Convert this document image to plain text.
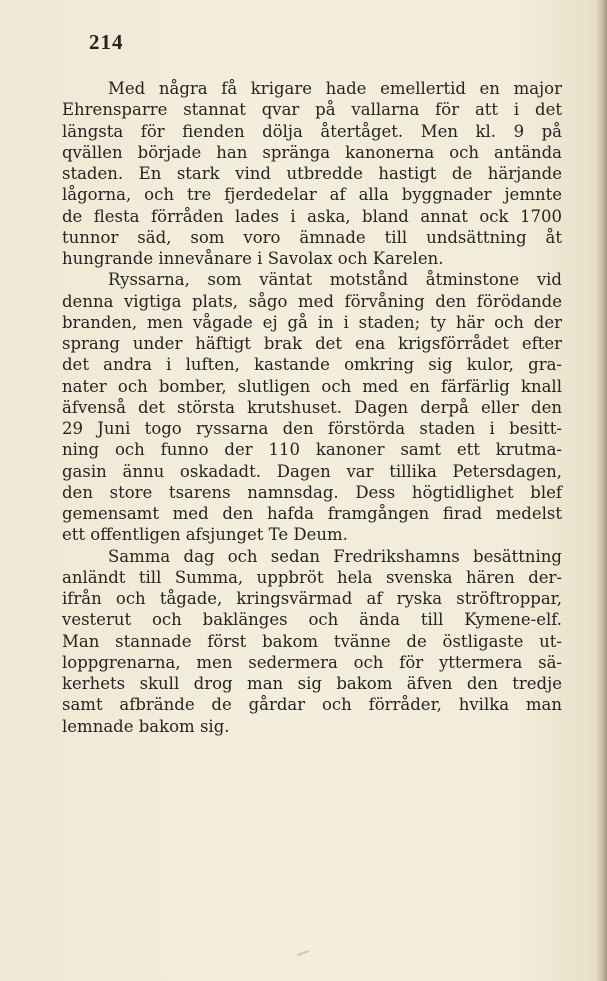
214
Med några få krigare hade emellertid en major
Ehrensparre stannat qvar på vallarna för att i det
längsta för fienden dölja återtåget. Men kl. 9 på
qvällen började han spränga kanonerna och antända
staden. En stark vind utbredde hastigt de härjande
lågorna, och tre fjerdedelar af alla byggnader jemnte
de flesta förråden lades i aska, bland annat ock 1700
tunnor säd, som voro ämnade till undsättning åt
hungrande innevånare i Savolax och Karelen.
Ryssarna, som väntat motstånd åtminstone vid
denna vigtiga plats, sågo med förvåning den förödande
branden, men vågade ej gå in i staden; ty här och der
sprang under häftigt brak det ena krigsförrådet efter
det andra i luften, kastande omkring sig kulor, gra-
nater och bomber, slutligen och med en färfärlig knall
äfvenså det största krutshuset. Dagen derpå eller den
29 Juni togo ryssarna den förstörda staden i besitt-
ning och funno der 110 kanoner samt ett krutma-
gasin ännu oskadadt. Dagen var tillika Petersdagen,
den store tsarens namnsdag. Dess högtidlighet blef
gemensamt med den hafda framgången firad medelst
ett offentligen afsjunget Te Deum.
Samma dag och sedan Fredrikshamns besättning
anländt till Summa, uppbröt hela svenska hären der-
ifrån och tågade, kringsvärmad af ryska ströftroppar,
vesterut och baklänges och ända till Kymene-elf.
Man stannade först bakom tvänne de östligaste ut-
loppgrenarna, men sedermera och för yttermera sä-
kerhets skull drog man sig bakom äfven den tredje
samt afbrände de gårdar och förråder, hvilka man
lemnade bakom sig.
